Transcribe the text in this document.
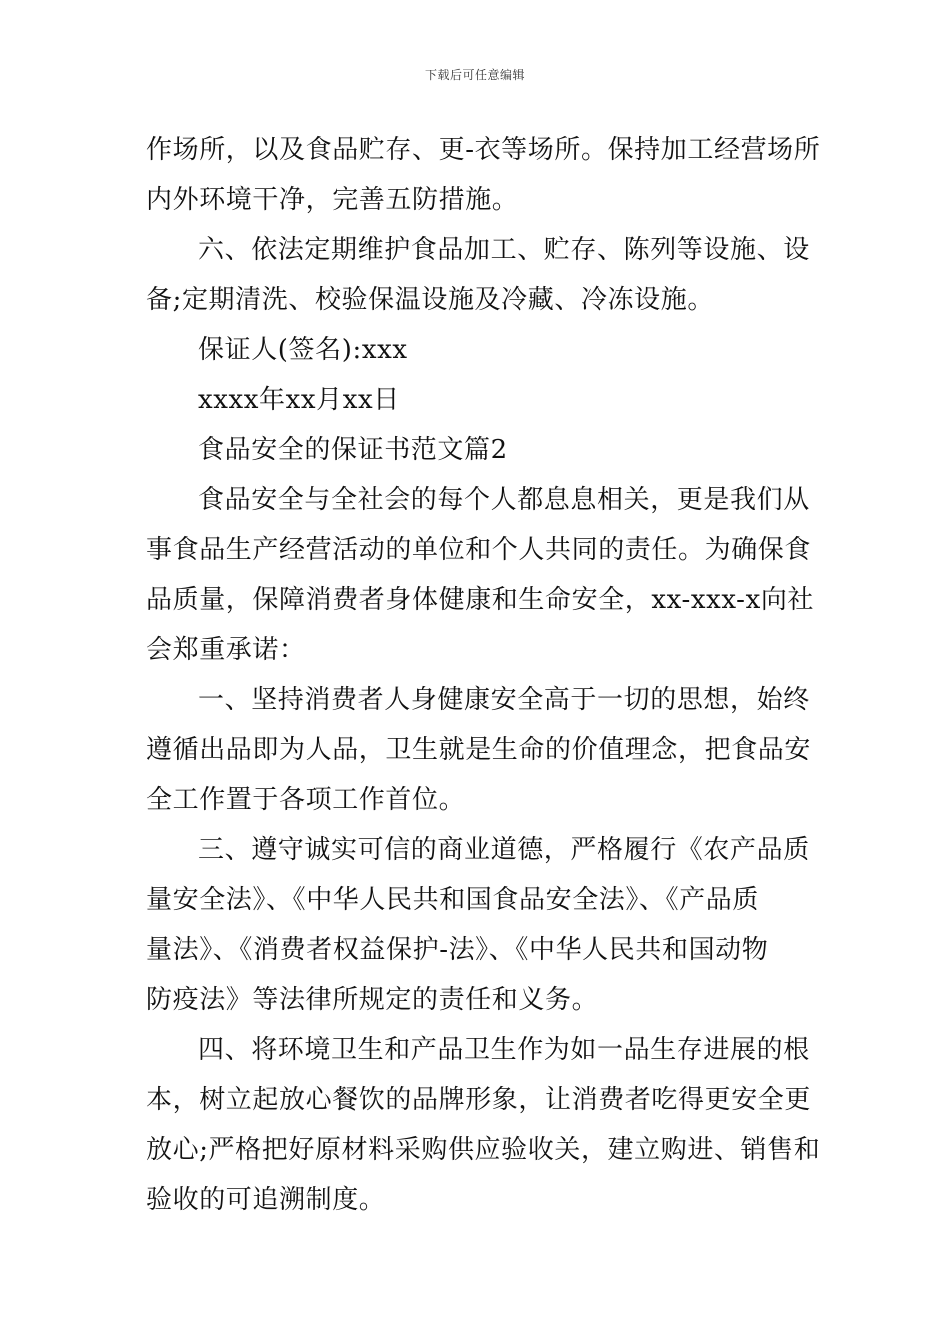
下载后可任意编辑
作场所，以及食品贮存、更-衣等场所。保持加工经营场所
内外环境干净，完善五防措施。
六、依法定期维护食品加工、贮存、陈列等设施、设
备;定期清洗、校验保温设施及冷藏、冷冻设施。
保证人(签名):xxx
xxxx年xx月xx日
食品安全的保证书范文篇2
食品安全与全社会的每个人都息息相关，更是我们从
事食品生产经营活动的单位和个人共同的责任。为确保食
品质量，保障消费者身体健康和生命安全，xx-xxx-x向社
会郑重承诺：
一、坚持消费者人身健康安全高于一切的思想，始终
遵循出品即为人品，卫生就是生命的价值理念，把食品安
全工作置于各项工作首位。
三、遵守诚实可信的商业道德，严格履行《农产品质
量安全法》、《中华人民共和国食品安全法》、《产品质
量法》、《消费者权益保护-法》、《中华人民共和国动物
防疫法》等法律所规定的责任和义务。
四、将环境卫生和产品卫生作为如一品生存进展的根
本，树立起放心餐饮的品牌形象，让消费者吃得更安全更
放心;严格把好原材料采购供应验收关，建立购进、销售和
验收的可追溯制度。
